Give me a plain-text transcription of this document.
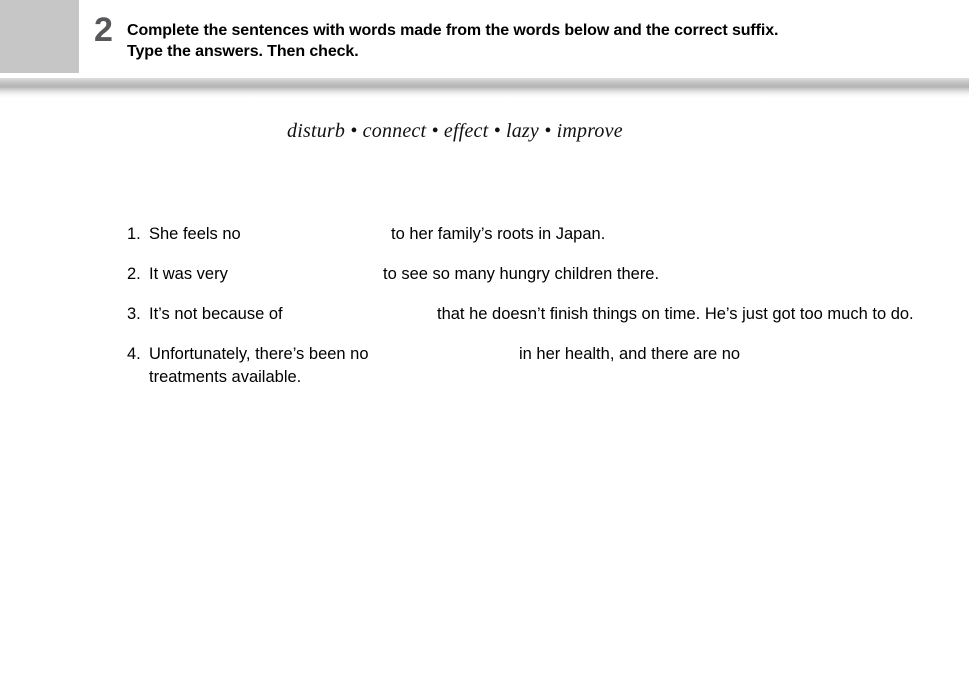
2 Complete the sentences with words made from the words below and the correct suffix.
Type the answers. Then check.
disturb • connect • effect • lazy • improve
1. She feels no	to her family’s roots in Japan.
2. It was very	to see so many hungry children there.
3. It’s not because of	that he doesn’t finish things on time. He’s just got too much to do.
4. Unfortunately, there’s been no	in her health, and there are no
treatments available.
